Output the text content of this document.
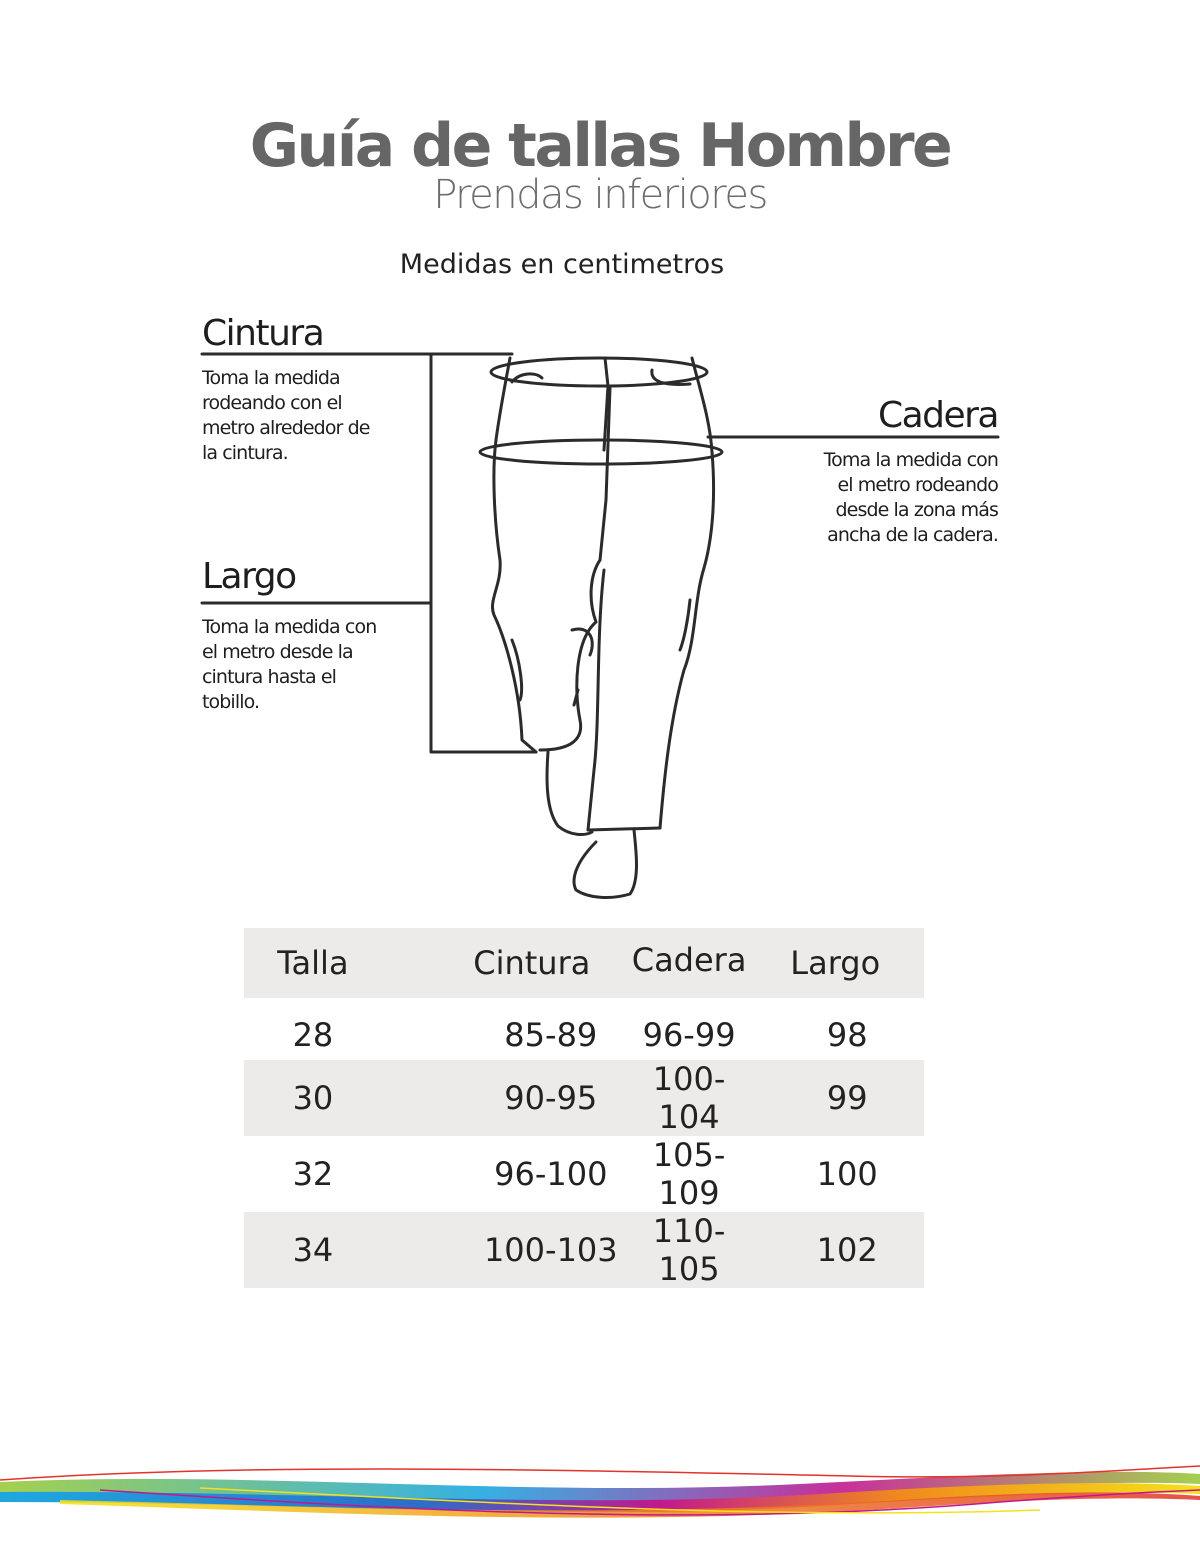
Guía de tallas Hombre
Prendas inferiores
Medidas en centimetros
Cintura
Toma la medida
rodeando con el
metro alrededor de
la cintura.
Cadera
Toma la medida con
el metro rodeando
desde la zona más
ancha de la cadera.
Largo
Toma la medida con
el metro desde la
cintura hasta el
tobillo.
Talla	Cintura	Cadera	Largo
28	85-89	96-99	98
30	90-95	100-104	99
32	96-100	105-109	100
34	100-103	110-105	102
